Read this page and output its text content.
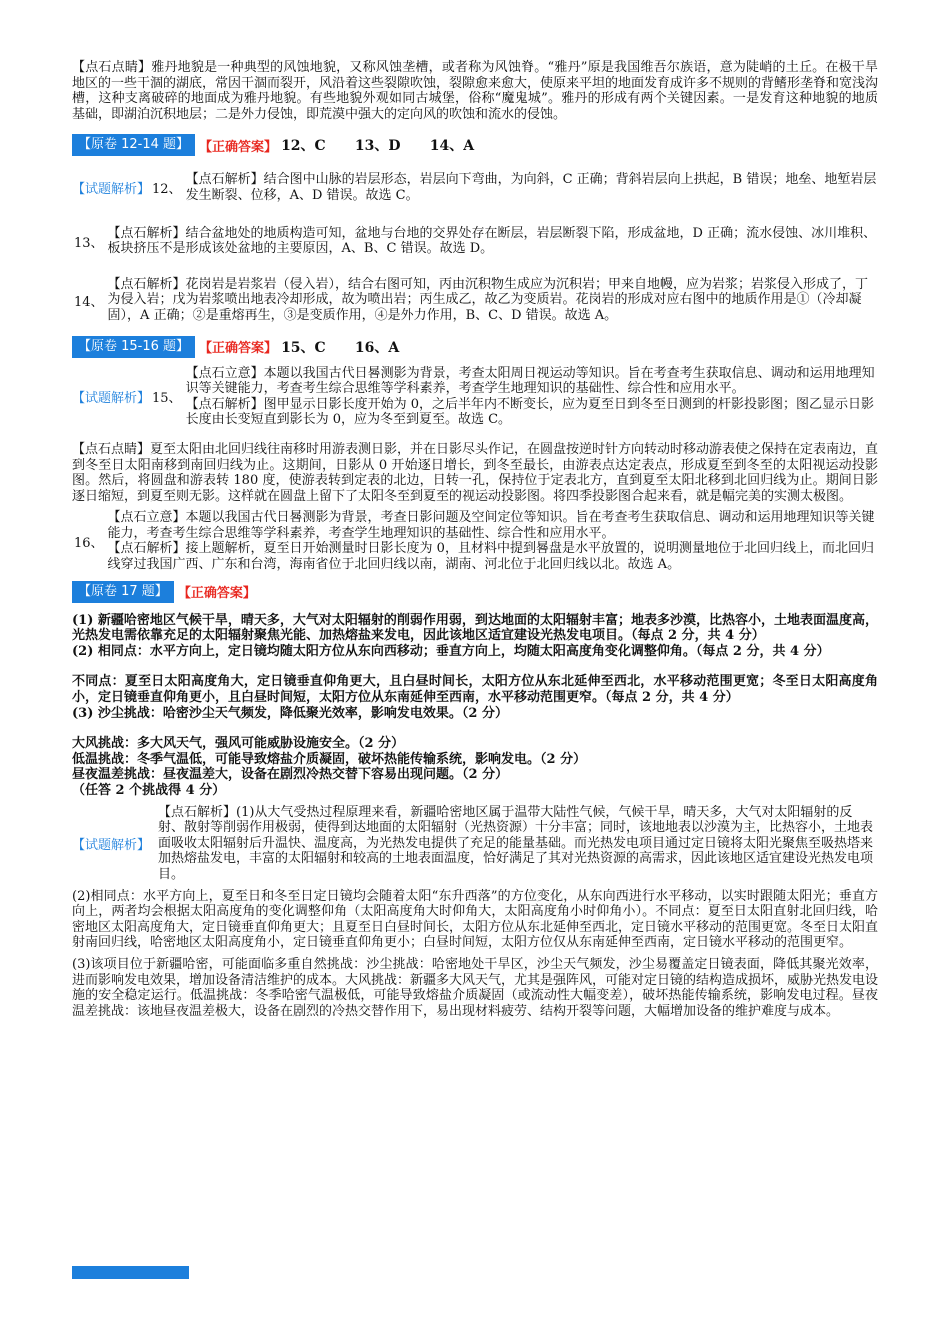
【点石点睛】雅丹地貌是一种典型的风蚀地貌，又称风蚀垄槽，或者称为风蚀脊。“雅丹”原是我国维吾尔族语，意为陡峭的土丘。在极干旱地区的一些干涸的湖底，常因干涸而裂开，风沿着这些裂隙吹蚀，裂隙愈来愈大，使原来平坦的地面发育成许多不规则的背鳍形垄脊和宽浅沟槽，这种支离破碎的地面成为雅丹地貌。有些地貌外观如同古城堡，俗称“魔鬼城”。雅丹的形成有两个关键因素。一是发育这种地貌的地质基础，即湖泊沉积地层；二是外力侵蚀，即荒漠中强大的定向风的吹蚀和流水的侵蚀。

【原卷 12-14 题】 【正确答案】 12、C      13、D      14、A
【试题解析】 12、
【点石解析】结合图中山脉的岩层形态，岩层向下弯曲，为向斜，C 正确；背斜岩层向上拱起，B 错误；地垒、地堑岩层发生断裂、位移，A、D 错误。故选 C。
13、
【点石解析】结合盆地处的地质构造可知，盆地与台地的交界处存在断层，岩层断裂下陷，形成盆地，D 正确；流水侵蚀、冰川堆积、板块挤压不是形成该处盆地的主要原因，A、B、C 错误。故选 D。
14、
【点石解析】花岗岩是岩浆岩（侵入岩），结合右图可知，丙由沉积物生成应为沉积岩；甲来自地幔，应为岩浆；岩浆侵入形成了，丁为侵入岩；戊为岩浆喷出地表冷却形成，故为喷出岩；丙生成乙，故乙为变质岩。花岗岩的形成对应右图中的地质作用是①（冷却凝固），A 正确；②是重熔再生，③是变质作用，④是外力作用，B、C、D 错误。故选 A。
【原卷 15-16 题】 【正确答案】 15、C      16、A
【试题解析】 15、

【点石立意】本题以我国古代日晷测影为背景，考查太阳周日视运动等知识。旨在考查考生获取信息、调动和运用地理知识等关键能力，考查考生综合思维等学科素养，考查学生地理知识的基础性、综合性和应用水平。

【点石解析】图甲显示日影长度开始为 0，之后半年内不断变长，应为夏至日到冬至日测到的杆影投影图；图乙显示日影长度由长变短直到影长为 0，应为冬至到夏至。故选 C。

【点石点睛】夏至太阳由北回归线往南移时用游表测日影，并在日影尽头作记，在圆盘按逆时针方向转动时移动游表使之保持在定表南边，直到冬至日太阳南移到南回归线为止。这期间，日影从 0 开始逐日增长，到冬至最长，由游表点达定表点，形成夏至到冬至的太阳视运动投影图。然后，将圆盘和游表转 180 度，使游表转到定表的北边，日转一孔，保持位于定表北方，直到夏至太阳北移到北回归线为止。期间日影逐日缩短，到夏至则无影。这样就在圆盘上留下了太阳冬至到夏至的视运动投影图。将四季投影图合起来看，就是幅完美的实测太极图。

16、

【点石立意】本题以我国古代日晷测影为背景，考查日影问题及空间定位等知识。旨在考查考生获取信息、调动和运用地理知识等关键能力，考查考生综合思维等学科素养，考查学生地理知识的基础性、综合性和应用水平。

【点石解析】接上题解析，夏至日开始测量时日影长度为 0，且材料中提到晷盘是水平放置的，说明测量地位于北回归线上，而北回归线穿过我国广西、广东和台湾，海南省位于北回归线以南，湖南、河北位于北回归线以北。故选 A。

【原卷 17 题】 【正确答案】

(1) 新疆哈密地区气候干旱，晴天多，大气对太阳辐射的削弱作用弱，到达地面的太阳辐射丰富；地表多沙漠，比热容小，土地表面温度高，光热发电需依靠充足的太阳辐射聚焦光能、加热熔盐来发电，因此该地区适宜建设光热发电项目。（每点 2 分，共 4 分）

(2) 相同点：水平方向上，定日镜均随太阳方位从东向西移动；垂直方向上，均随太阳高度角变化调整仰角。（每点 2 分，共 4 分）

不同点：夏至日太阳高度角大，定日镜垂直仰角更大，且白昼时间长，太阳方位从东北延伸至西北，水平移动范围更宽；冬至日太阳高度角小，定日镜垂直仰角更小，且白昼时间短，太阳方位从东南延伸至西南，水平移动范围更窄。（每点 2 分，共 4 分）

(3) 沙尘挑战：哈密沙尘天气频发，降低聚光效率，影响发电效果。（2 分）

大风挑战：多大风天气，强风可能威胁设施安全。（2 分）

低温挑战：冬季气温低，可能导致熔盐介质凝固，破坏热能传输系统，影响发电。（2 分）

昼夜温差挑战：昼夜温差大，设备在剧烈冷热交替下容易出现问题。（2 分）

（任答 2 个挑战得 4 分）

【试题解析】
【点石解析】(1)从大气受热过程原理来看，新疆哈密地区属于温带大陆性气候，气候干旱，晴天多，大气对太阳辐射的反射、散射等削弱作用极弱，使得到达地面的太阳辐射（光热资源）十分丰富；同时，该地地表以沙漠为主，比热容小，土地表面吸收太阳辐射后升温快、温度高，为光热发电提供了充足的能量基础。而光热发电项目通过定日镜将太阳光聚焦至吸热塔来加热熔盐发电，丰富的太阳辐射和较高的土地表面温度，恰好满足了其对光热资源的高需求，因此该地区适宜建设光热发电项目。

(2)相同点：水平方向上，夏至日和冬至日定日镜均会随着太阳“东升西落”的方位变化，从东向西进行水平移动，以实时跟随太阳光；垂直方向上，两者均会根据太阳高度角的变化调整仰角（太阳高度角大时仰角大，太阳高度角小时仰角小）。不同点：夏至日太阳直射北回归线，哈密地区太阳高度角大，定日镜垂直仰角更大；且夏至日白昼时间长，太阳方位从东北延伸至西北，定日镜水平移动的范围更宽。冬至日太阳直射南回归线，哈密地区太阳高度角小，定日镜垂直仰角更小；白昼时间短，太阳方位仅从东南延伸至西南，定日镜水平移动的范围更窄。

(3)该项目位于新疆哈密，可能面临多重自然挑战：沙尘挑战：哈密地处干旱区，沙尘天气频发，沙尘易覆盖定日镜表面，降低其聚光效率，进而影响发电效果，增加设备清洁维护的成本。大风挑战：新疆多大风天气，尤其是强阵风，可能对定日镜的结构造成损坏，威胁光热发电设施的安全稳定运行。低温挑战：冬季哈密气温极低，可能导致熔盐介质凝固（或流动性大幅变差），破坏热能传输系统，影响发电过程。昼夜温差挑战：该地昼夜温差极大，设备在剧烈的冷热交替作用下，易出现材料疲劳、结构开裂等问题，大幅增加设备的维护难度与成本。
